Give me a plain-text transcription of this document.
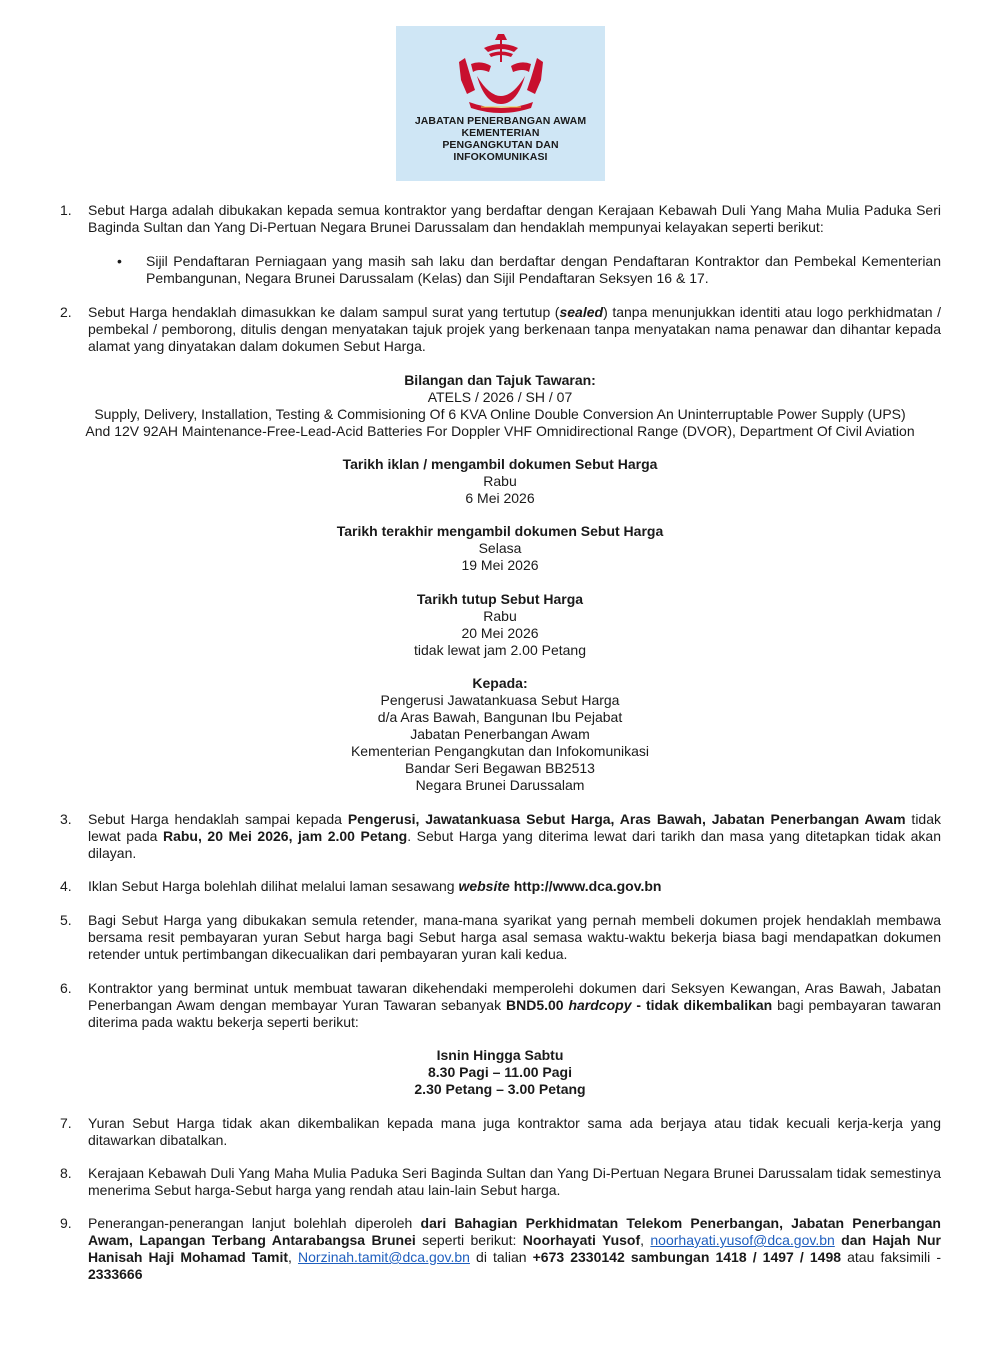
JABATAN PENERBANGAN AWAM
KEMENTERIAN
PENGANGKUTAN DAN
INFOKOMUNIKASI
1. Sebut Harga adalah dibukakan kepada semua kontraktor yang berdaftar dengan Kerajaan Kebawah Duli Yang Maha Mulia Paduka Seri Baginda Sultan dan Yang Di-Pertuan Negara Brunei Darussalam dan hendaklah mempunyai kelayakan seperti berikut:

• Sijil Pendaftaran Perniagaan yang masih sah laku dan berdaftar dengan Pendaftaran Kontraktor dan Pembekal Kementerian Pembangunan, Negara Brunei Darussalam (Kelas) dan Sijil Pendaftaran Seksyen 16 & 17.
2. Sebut Harga hendaklah dimasukkan ke dalam sampul surat yang tertutup (sealed) tanpa menunjukkan identiti atau logo perkhidmatan / pembekal / pemborong, ditulis dengan menyatakan tajuk projek yang berkenaan tanpa menyatakan nama penawar dan dihantar kepada alamat yang dinyatakan dalam dokumen Sebut Harga.

Bilangan dan Tajuk Tawaran:
ATELS / 2026 / SH / 07
Supply, Delivery, Installation, Testing & Commisioning Of 6 KVA Online Double Conversion An Uninterruptable Power Supply (UPS)
And 12V 92AH Maintenance-Free-Lead-Acid Batteries For Doppler VHF Omnidirectional Range (DVOR), Department Of Civil Aviation
Tarikh iklan / mengambil dokumen Sebut Harga
Rabu
6 Mei 2026
Tarikh terakhir mengambil dokumen Sebut Harga
Selasa
19 Mei 2026
Tarikh tutup Sebut Harga
Rabu
20 Mei 2026
tidak lewat jam 2.00 Petang
Kepada:
Pengerusi Jawatankuasa Sebut Harga
d/a Aras Bawah, Bangunan Ibu Pejabat
Jabatan Penerbangan Awam
Kementerian Pengangkutan dan Infokomunikasi
Bandar Seri Begawan BB2513
Negara Brunei Darussalam
3. Sebut Harga hendaklah sampai kepada Pengerusi, Jawatankuasa Sebut Harga, Aras Bawah, Jabatan Penerbangan Awam tidak lewat pada Rabu, 20 Mei 2026, jam 2.00 Petang. Sebut Harga yang diterima lewat dari tarikh dan masa yang ditetapkan tidak akan dilayan.

4. Iklan Sebut Harga bolehlah dilihat melalui laman sesawang website http://www.dca.gov.bn

5. Bagi Sebut Harga yang dibukakan semula retender, mana-mana syarikat yang pernah membeli dokumen projek hendaklah membawa bersama resit pembayaran yuran Sebut harga bagi Sebut harga asal semasa waktu-waktu bekerja biasa bagi mendapatkan dokumen retender untuk pertimbangan dikecualikan dari pembayaran yuran kali kedua.

6. Kontraktor yang berminat untuk membuat tawaran dikehendaki memperolehi dokumen dari Seksyen Kewangan, Aras Bawah, Jabatan Penerbangan Awam dengan membayar Yuran Tawaran sebanyak BND5.00 hardcopy - tidak dikembalikan bagi pembayaran tawaran diterima pada waktu bekerja seperti berikut:

Isnin Hingga Sabtu
8.30 Pagi – 11.00 Pagi
2.30 Petang – 3.00 Petang
7. Yuran Sebut Harga tidak akan dikembalikan kepada mana juga kontraktor sama ada berjaya atau tidak kecuali kerja-kerja yang ditawarkan dibatalkan.

8. Kerajaan Kebawah Duli Yang Maha Mulia Paduka Seri Baginda Sultan dan Yang Di-Pertuan Negara Brunei Darussalam tidak semestinya menerima Sebut harga-Sebut harga yang rendah atau lain-lain Sebut harga.

9. Penerangan-penerangan lanjut bolehlah diperoleh dari Bahagian Perkhidmatan Telekom Penerbangan, Jabatan Penerbangan Awam, Lapangan Terbang Antarabangsa Brunei seperti berikut: Noorhayati Yusof, noorhayati.yusof@dca.gov.bn dan Hajah Nur Hanisah Haji Mohamad Tamit, Norzinah.tamit@dca.gov.bn di talian +673 2330142 sambungan 1418 / 1497 / 1498 atau faksimili - 2333666
